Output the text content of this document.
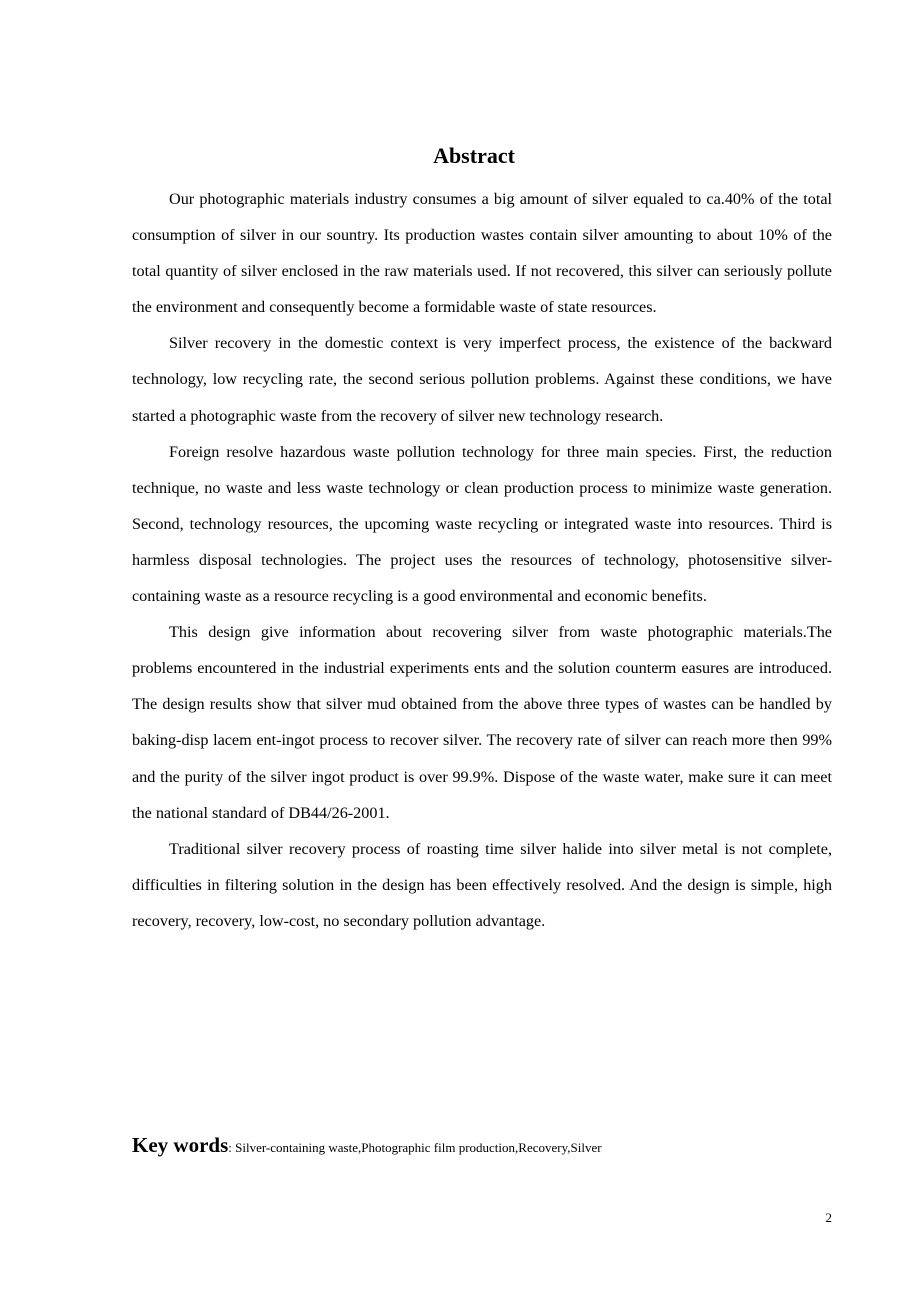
Abstract

Our photographic materials industry consumes a big amount of silver equaled to ca.40% of the total consumption of silver in our sountry. Its production wastes contain silver amounting to about 10% of the total quantity of silver enclosed in the raw materials used. If not recovered, this silver can seriously pollute the environment and consequently become a formidable waste of state resources.

Silver recovery in the domestic context is very imperfect process, the existence of the backward technology, low recycling rate, the second serious pollution problems. Against these conditions, we have started a photographic waste from the recovery of silver new technology research.

Foreign resolve hazardous waste pollution technology for three main species. First, the reduction technique, no waste and less waste technology or clean production process to minimize waste generation. Second, technology resources, the upcoming waste recycling or integrated waste into resources. Third is harmless disposal technologies. The project uses the resources of technology, photosensitive silver-containing waste as a resource recycling is a good environmental and economic benefits.

This design give information about recovering silver from waste photographic materials.The problems encountered in the industrial experiments ents and the solution counterm easures are introduced. The design results show that silver mud obtained from the above three types of wastes can be handled by baking-disp lacem ent-ingot process to recover silver. The recovery rate of silver can reach more then 99% and the purity of the silver ingot product is over 99.9%. Dispose of the waste water, make sure it can meet the national standard of DB44/26-2001.

Traditional silver recovery process of roasting time silver halide into silver metal is not complete, difficulties in filtering solution in the design has been effectively resolved. And the design is simple, high recovery, recovery, low-cost, no secondary pollution advantage.

Key words: Silver-containing waste,Photographic film production,Recovery,Silver
2
